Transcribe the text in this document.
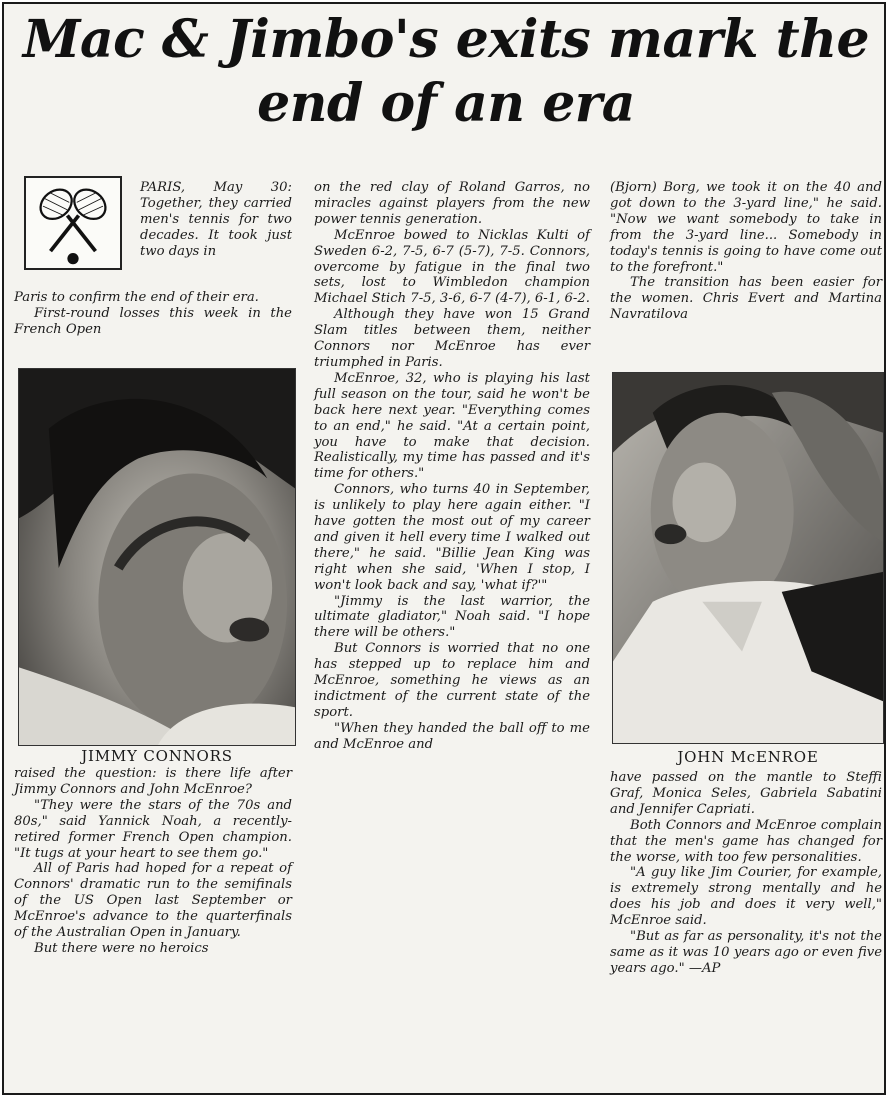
Mac & Jimbo's exits mark the end of an era

PARIS, May 30: Together, they carried men's tennis for two decades. It took just two days in

Paris to confirm the end of their era.

First-round losses this week in the French Open

JIMMY CONNORS

raised the question: is there life after Jimmy Connors and John McEnroe?

"They were the stars of the 70s and 80s," said Yannick Noah, a recently-retired former French Open champion. "It tugs at your heart to see them go."

All of Paris had hoped for a repeat of Connors' dramatic run to the semifinals of the US Open last September or McEnroe's advance to the quarterfinals of the Australian Open in January.

But there were no heroics

on the red clay of Roland Garros, no miracles against players from the new power tennis generation.

McEnroe bowed to Nicklas Kulti of Sweden 6-2, 7-5, 6-7 (5-7), 7-5. Connors, overcome by fatigue in the final two sets, lost to Wimbledon champion Michael Stich 7-5, 3-6, 6-7 (4-7), 6-1, 6-2.

Although they have won 15 Grand Slam titles between them, neither Connors nor McEnroe has ever triumphed in Paris.

McEnroe, 32, who is playing his last full season on the tour, said he won't be back here next year. "Everything comes to an end," he said. "At a certain point, you have to make that decision. Realistically, my time has passed and it's time for others."

Connors, who turns 40 in September, is unlikely to play here again either. "I have gotten the most out of my career and given it hell every time I walked out there," he said. "Billie Jean King was right when she said, 'When I stop, I won't look back and say, 'what if?'"

"Jimmy is the last warrior, the ultimate gladiator," Noah said. "I hope there will be others."

But Connors is worried that no one has stepped up to replace him and McEnroe, something he views as an indictment of the current state of the sport.

"When they handed the ball off to me and McEnroe and

(Bjorn) Borg, we took it on the 40 and got down to the 3-yard line," he said. "Now we want somebody to take in from the 3-yard line... Somebody in today's tennis is going to have come out to the forefront."

The transition has been easier for the women. Chris Evert and Martina Navratilova

JOHN McENROE

have passed on the mantle to Steffi Graf, Monica Seles, Gabriela Sabatini and Jennifer Capriati.

Both Connors and McEnroe complain that the men's game has changed for the worse, with too few personalities.

"A guy like Jim Courier, for example, is extremely strong mentally and he does his job and does it very well," McEnroe said.

"But as far as personality, it's not the same as it was 10 years ago or even five years ago." —AP
